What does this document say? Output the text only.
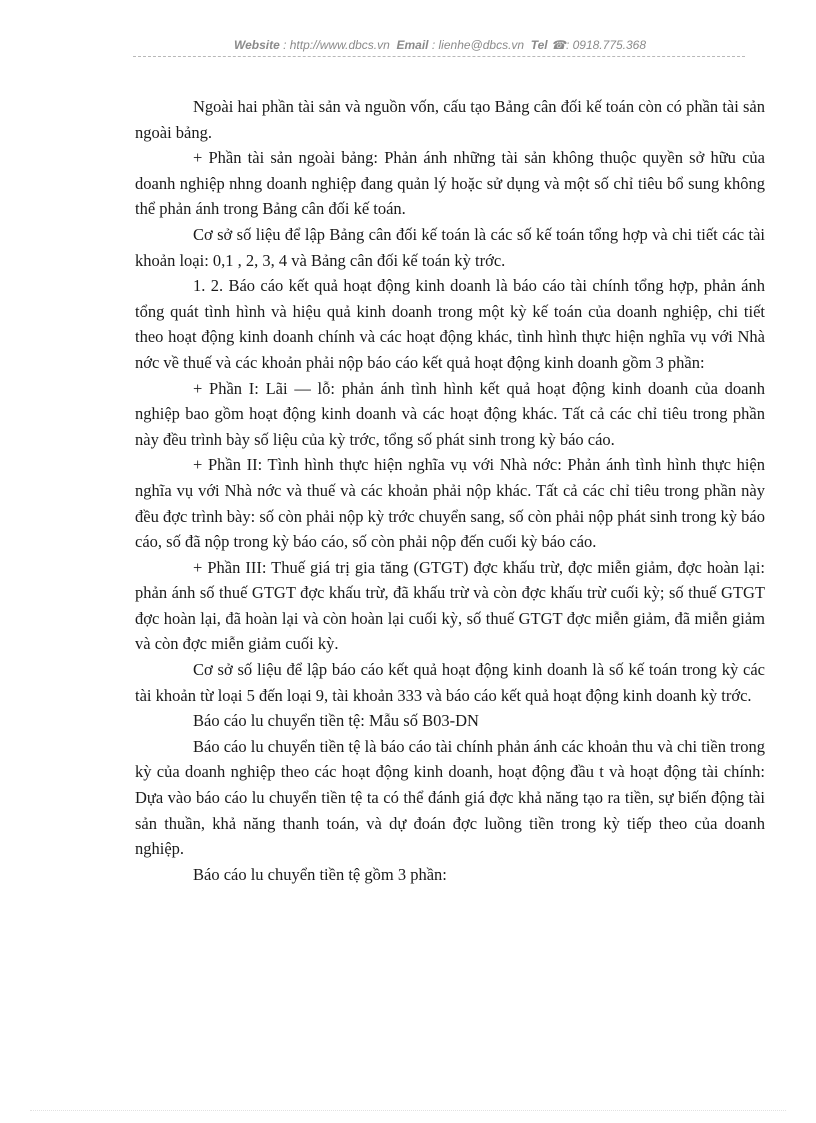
Website : http://www.dbcs.vn Email : lienhe@dbcs.vn Tel ☎: 0918.775.368

Ngoài hai phần tài sản và nguồn vốn, cấu tạo Bảng cân đối kế toán còn có phần tài sản ngoài bảng.

+ Phần tài sản ngoài bảng: Phản ánh những tài sản không thuộc quyền sở hữu của doanh nghiệp nhng doanh nghiệp đang quản lý hoặc sử dụng và một số chỉ tiêu bổ sung không thể phản ánh trong Bảng cân đối kế toán.

Cơ sở số liệu để lập Bảng cân đối kế toán là các số kế toán tổng hợp và chi tiết các tài khoản loại: 0,1 , 2, 3, 4 và Bảng cân đối kế toán kỳ trớc.

1. 2. Báo cáo kết quả hoạt động kinh doanh là báo cáo tài chính tổng hợp, phản ánh tổng quát tình hình và hiệu quả kinh doanh trong một kỳ kế toán của doanh nghiệp, chi tiết theo hoạt động kinh doanh chính và các hoạt động khác, tình hình thực hiện nghĩa vụ với Nhà nớc về thuế và các khoản phải nộp báo cáo kết quả hoạt động kinh doanh gồm 3 phần:

+ Phần I: Lãi — lỗ: phản ánh tình hình kết quả hoạt động kinh doanh của doanh nghiệp bao gồm hoạt động kinh doanh và các hoạt động khác. Tất cả các chỉ tiêu trong phần này đều trình bày số liệu của kỳ trớc, tổng số phát sinh trong kỳ báo cáo.

+ Phần II: Tình hình thực hiện nghĩa vụ với Nhà nớc: Phản ánh tình hình thực hiện nghĩa vụ với Nhà nớc và thuế và các khoản phải nộp khác. Tất cả các chỉ tiêu trong phần này đều đợc trình bày: số còn phải nộp kỳ trớc chuyển sang, số còn phải nộp phát sinh trong kỳ báo cáo, số đã nộp trong kỳ báo cáo, số còn phải nộp đến cuối kỳ báo cáo.

+ Phần III: Thuế giá trị gia tăng (GTGT) đợc khấu trừ, đợc miễn giảm, đợc hoàn lại: phản ánh số thuế GTGT đợc khấu trừ, đã khấu trừ và còn đợc khấu trừ cuối kỳ; số thuế GTGT đợc hoàn lại, đã hoàn lại và còn hoàn lại cuối kỳ, số thuế GTGT đợc miễn giảm, đã miễn giảm và còn đợc miễn giảm cuối kỳ.

Cơ sở số liệu để lập báo cáo kết quả hoạt động kinh doanh là số kế toán trong kỳ các tài khoản từ loại 5 đến loại 9, tài khoản 333 và báo cáo kết quả hoạt động kinh doanh kỳ trớc.

Báo cáo lu chuyển tiền tệ: Mẫu số B03-DN

Báo cáo lu chuyển tiền tệ là báo cáo tài chính phản ánh các khoản thu và chi tiền trong kỳ của doanh nghiệp theo các hoạt động kinh doanh, hoạt động đầu t và hoạt động tài chính: Dựa vào báo cáo lu chuyển tiền tệ ta có thể đánh giá đợc khả năng tạo ra tiền, sự biến động tài sản thuần, khả năng thanh toán, và dự đoán đợc luồng tiền trong kỳ tiếp theo của doanh nghiệp.

Báo cáo lu chuyển tiền tệ gồm 3 phần:
